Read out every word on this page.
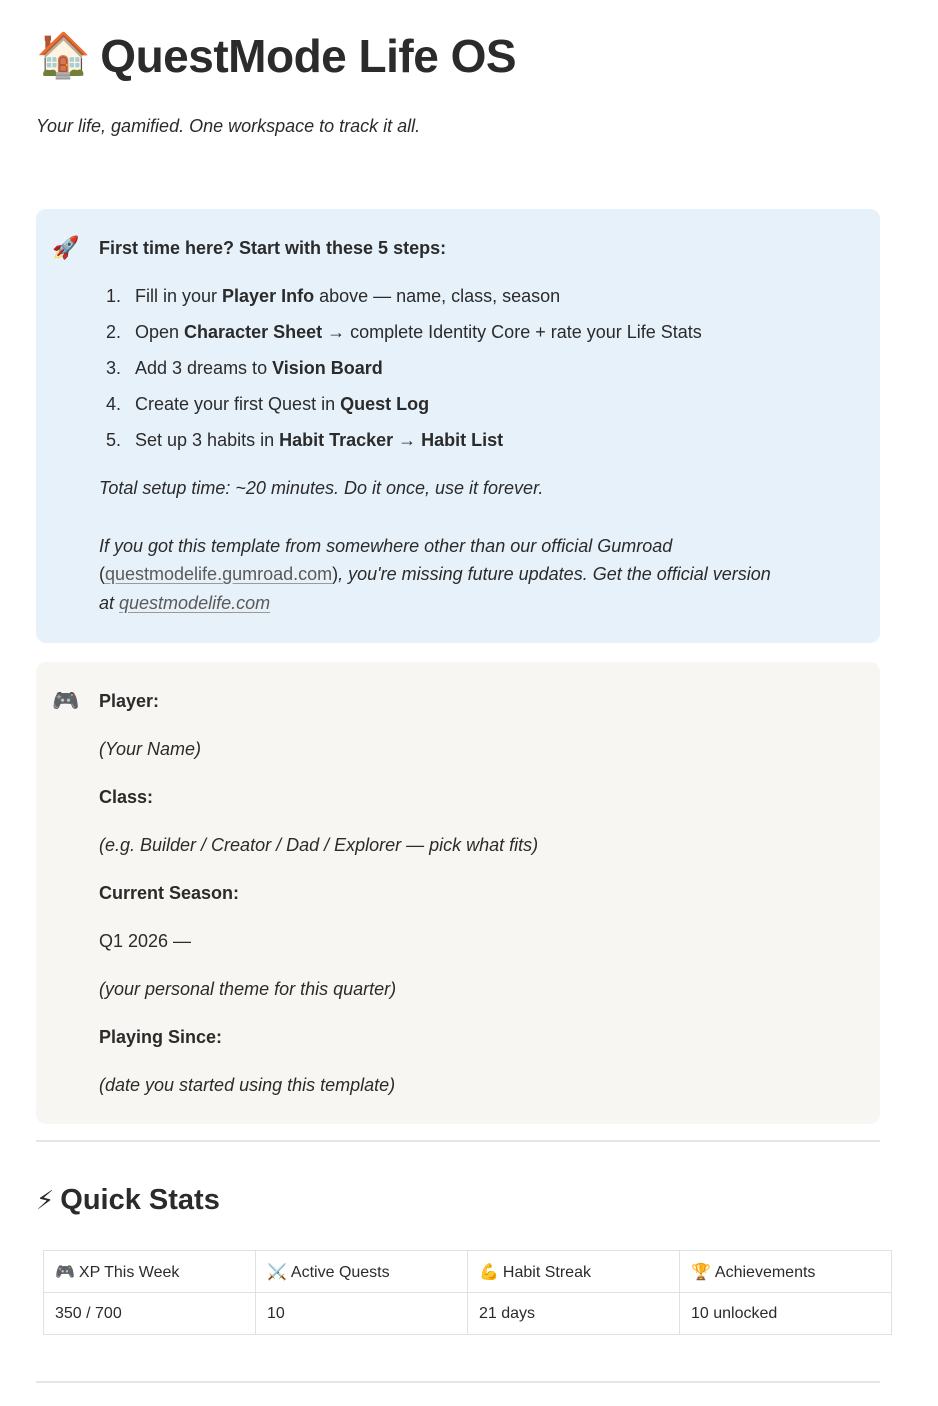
🏠 QuestMode Life OS
Your life, gamified. One workspace to track it all.
🚀 First time here? Start with these 5 steps:
1. Fill in your Player Info above — name, class, season
2. Open Character Sheet → complete Identity Core + rate your Life Stats
3. Add 3 dreams to Vision Board
4. Create your first Quest in Quest Log
5. Set up 3 habits in Habit Tracker → Habit List
Total setup time: ~20 minutes. Do it once, use it forever.
If you got this template from somewhere other than our official Gumroad
(questmodelife.gumroad.com), you're missing future updates. Get the official version
at questmodelife.com
🎮 Player:
(Your Name)
Class:
(e.g. Builder / Creator / Dad / Explorer — pick what fits)
Current Season:
Q1 2026 —
(your personal theme for this quarter)
Playing Since:
(date you started using this template)
⚡ Quick Stats
🎮 XP This Week	⚔️ Active Quests	💪 Habit Streak	🏆 Achievements
350 / 700	10	21 days	10 unlocked
